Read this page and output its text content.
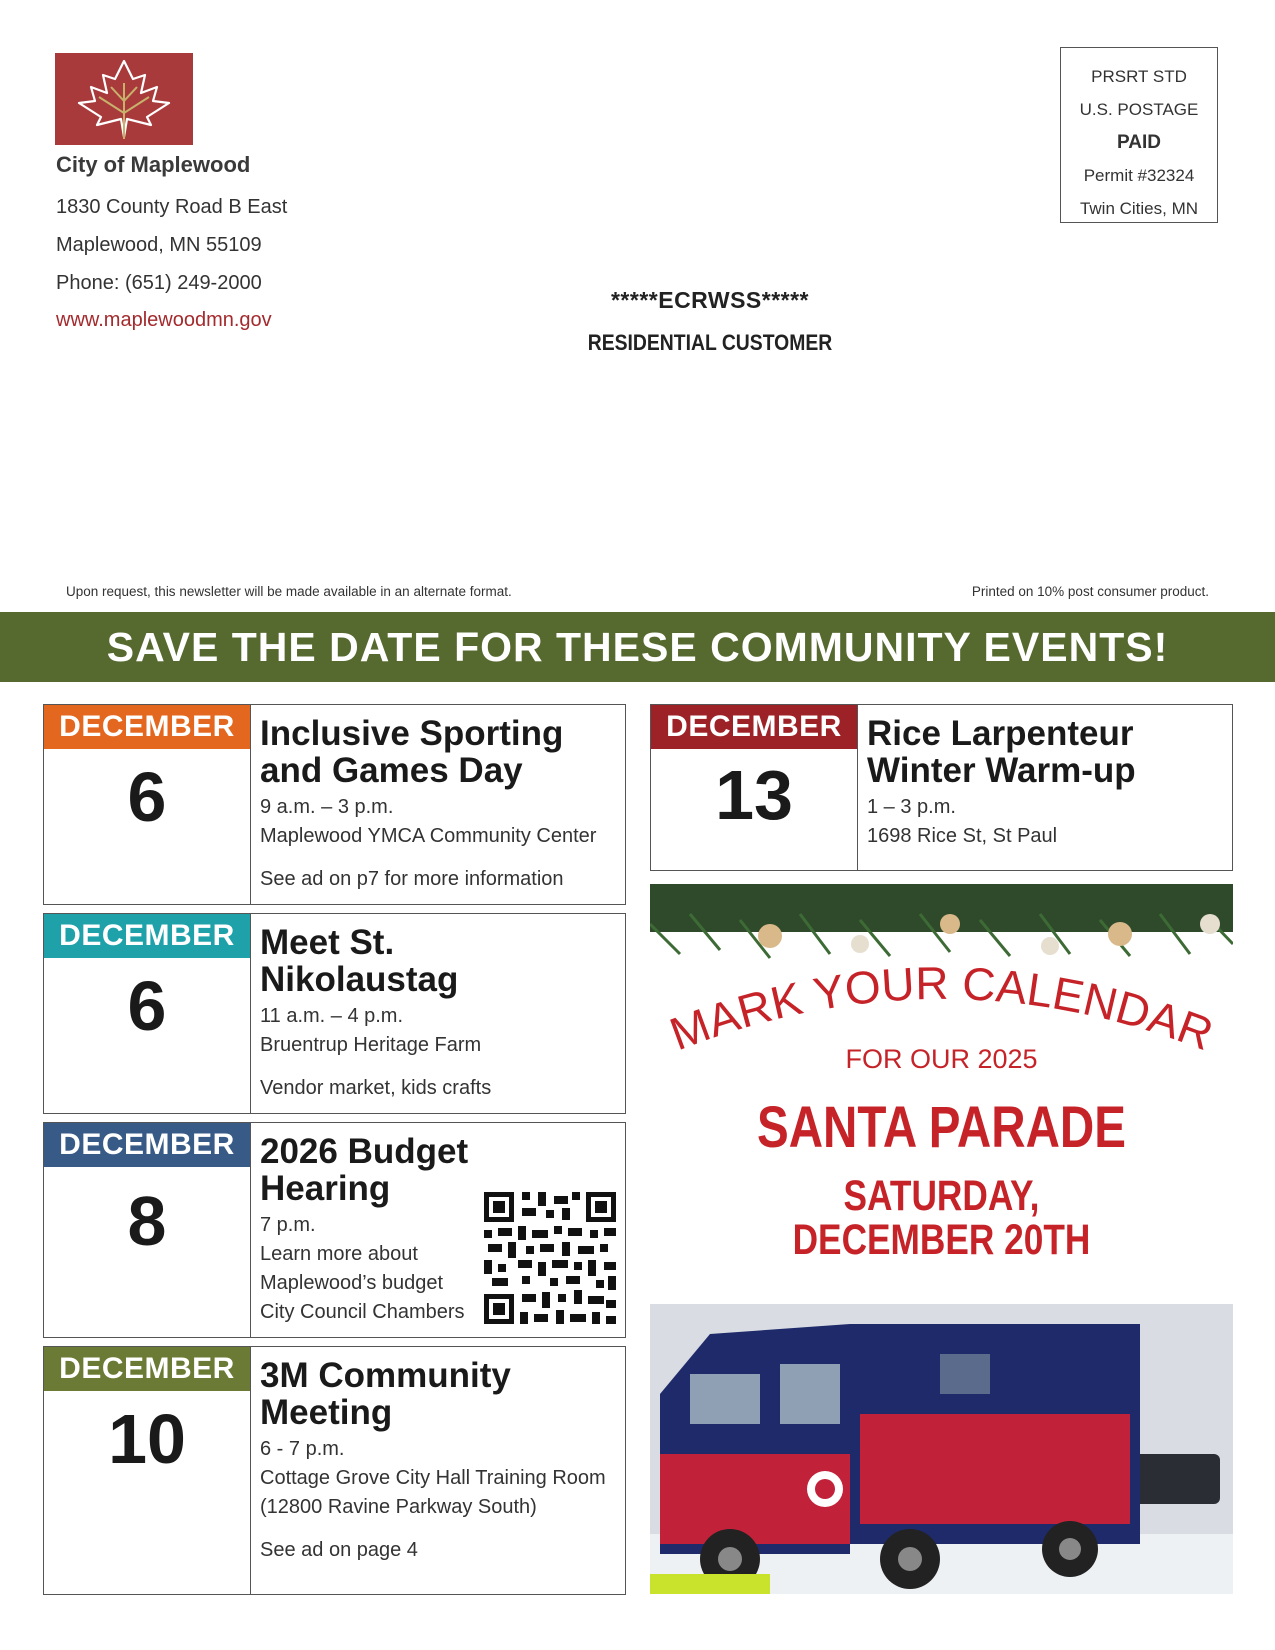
City of Maplewood
1830 County Road B East
Maplewood, MN 55109
Phone: (651) 249-2000
www.maplewoodmn.gov
PRSRT STD
U.S. POSTAGE
PAID
Permit #32324
Twin Cities, MN
*****ECRWSS*****
RESIDENTIAL CUSTOMER
Upon request, this newsletter will be made available in an alternate format.	Printed on 10% post consumer product.
SAVE THE DATE FOR THESE COMMUNITY EVENTS!
DECEMBER
6
Inclusive Sporting and Games Day
9 a.m. – 3 p.m.
Maplewood YMCA Community Center
See ad on p7 for more information
DECEMBER
6
Meet St. Nikolaustag
11 a.m. – 4 p.m.
Bruentrup Heritage Farm
Vendor market, kids crafts
DECEMBER
8
2026 Budget Hearing
7 p.m.
Learn more about
Maplewood’s budget
City Council Chambers
DECEMBER
10
3M Community Meeting
6 - 7 p.m.
Cottage Grove City Hall Training Room
(12800 Ravine Parkway South)
See ad on page 4
DECEMBER
13
Rice Larpenteur Winter Warm-up
1 – 3 p.m.
1698 Rice St, St Paul
MARK YOUR CALENDAR
FOR OUR 2025
SANTA PARADE
SATURDAY,
DECEMBER 20TH
